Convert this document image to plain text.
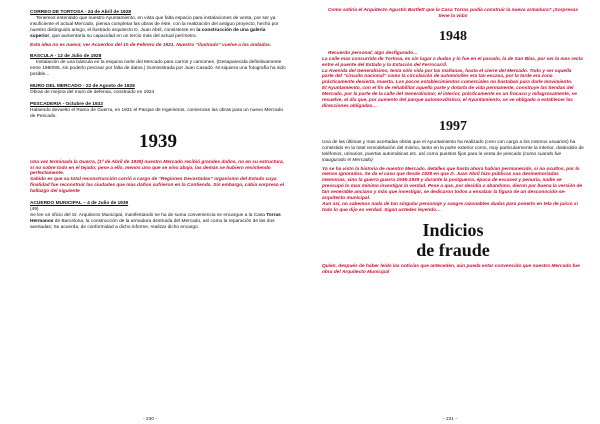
CORREO DE TORTOSA - 24 de Abril de 1928

Tenemos entendido que nuestro Ayuntamiento, en vista que falta espacio para instalaciones de venta, por ser ya insuficiente el actual Mercado, piensa completar las obras de éste, con la realización del antiguo proyecto, hecho por nuestro distinguido amigo, el ilustrado arquitecto D. Juan Abril, consistente en la construcción de una galería superior, que aumentaría su capacidad en un tercio más del actual perímetro.

Esta idea no es nueva; ver Acuerdos del 10 de Febrero de 1921. Nuestro “ilustrado” vuelve a las andadas.

BASCULA - 12 de Julio de 1928

Instalación de una báscula en la esquina norte del Mercado para carros y camiones. (Desaparecida definitivamente entre 1980/85, sin poderlo precisar por falta de datos.) Suministrada por Juan Casadó. Ni siquiera una fotografía ha sido posible...

MURO DEL MERCADO - 22 de Agosto de 1928

Obras de mejora del muro de defensa, construido en 1924

PESCADERIA - Octubre de 1933

Habiendo devuelto el Ramo de Guerra, en 1931 el Parque de Ingenieros, comienzan las obras para un nuevo Mercado de Pescado.

1939

Una vez terminada la Guerra, (1º de Abril de 1939) nuestro Mercado recibió grandes daños, no en su estructura, sí no sobre todo en el tejado; pese a ello, menos uno que se vino abajo, las demás se hubiero resistiendo perfectamente.
Sabido es que su total reconstrucción corrió a cargo de “Regiones Devastadas” organismo del Estado cuya finalidad fue reconstruir las ciudades que mas daños sufrieron en la Contienda. Sin embargo, cabía sorpresa el hallazgo del siguiente

ACUERDO MUNICIPAL – 4 de Julio de 1939

(49)

Se lee un oficio del Sr. Arquitecto Municipal, manifestando se ha de suma conveniencia se encargue a la Casa Torras Hermanos de Barcelona, la construcción de la armadura destruida del Mercado, así como la reparación de las dos averiadas; Se acuerda, de conformidad a dicho informe, realizar dicho encargo.

- 230 -

Como satiría el Arquitecto Agustín Bartlett que la Casa Torras podía construir la nueva armadura? ¡Sorpresas tiene la vida!

1948

Recuerdo personal; algo desfigurado…
La calle mas concurrida de Tortosa, es sin lugar a dudas y lo fue en el pasado, la de San Blas, por ser la mas recta entre el puente del Estado y la Estación del Ferrocarril.
La Avenida del Generalísimo, tenía sólo vida por las mañanas, hasta el cierre del Mercado. Todo y ser aquella parte del “circuito nacional” como la circulación de automóviles era tan escasa, por la tarde era zona prácticamente desierta, muerta. Los pocos establecimientos comerciales no bastaban para darle movimiento.
El Ayuntamiento, con el fin de rehabilitar aquella parte y dotarla de vida permanente, construye las tiendas del Mercado, por la parte de la calle del Generalísimo; el interior, prácticamente es un fracaso y milagrosamente, se resuelve, el día que, por aumento del parque automovilístico, el Ayuntamiento, se ve obligado a establecer las direcciones obligadas…

1997

Una de las últimas y mas acertadas obras que el Ayuntamiento ha realizado (creo con cargo a los mismos usuarios) ha consistido en la total remodelación del mismo, tanto en la parte exterior como, muy particularmente la interior, dotándolo de teléfonos, urinarios, puertas automáticas etc. así como puestos fijos para la venta de pescado (como cuando fue inaugurado el Mercado)

Ya se ha visto la historia de nuestro Mercado, detalles que hasta ahora habían permanecido, sí no ocultos, por lo menos ignorados. Se da el caso que desde 1928 en que D. Juan Abril hizo públicas sus desmemoriadas memorias, vino la guerra guerra 1936-1939 y durante la postguerra, época de escasez y penuria, nadie se preocupó lo mas mínimo investigar la verdad. Pese a que, por desidia o abandono, dieron por buena la versión de tan venerable anciano y más que investigar, se dedicaron todos a ensalzar la figura de un desconocido-se-arquitecto municipal.
Aun así, no sabemos nada de tan singular personaje y sangre razonables dudas para ponerlo en tela de juicio si todo lo que dijo es verdad. Sigan ustedes leyendo…

Indicios
de fraude

Quien, después de haber leído las noticias que anteceden, aún pueda estar convencido que nuestro Mercado fue obra del Arquitecto Municipal

- 231 -
